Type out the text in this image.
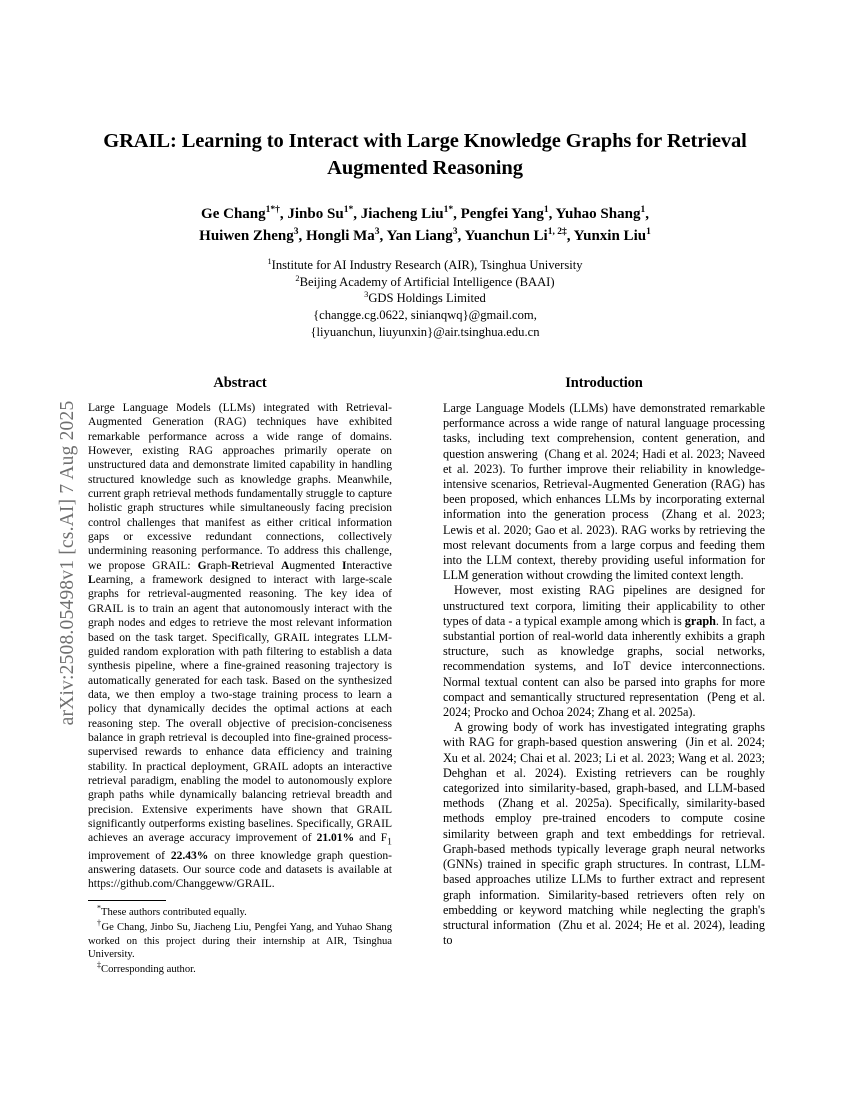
arXiv:2508.05498v1 [cs.AI] 7 Aug 2025
GRAIL: Learning to Interact with Large Knowledge Graphs for Retrieval Augmented Reasoning
Ge Chang$^{1*\dagger}$, Jinbo $Su^{1*}$, Jiacheng Liu$^{1*}$, Pengfei Yang$^1$, Yuhao Shang$^1$,
Huiwen Zheng$^3$, Hongli Ma$^3$, Yan Liang$^3$, Yuanchun $Li^{1, 2\ddagger}$, Yunxin Liu$^1$
$^1$Institute for AI Industry Research (AIR), Tsinghua University
$^2$Beijing Academy of Artificial Intelligence (BAAI)
$^3$GDS Holdings Limited
{changge.cg.0622, sinianqwq}@gmail.com,
{liyuanchun, liuyunxin}@air.tsinghua.edu.cn
Abstract

Large Language Models (LLMs) integrated with Retrieval-Augmented Generation (RAG) techniques have exhibited remarkable performance across a wide range of domains. However, existing RAG approaches primarily operate on unstructured data and demonstrate limited capability in handling structured knowledge such as knowledge graphs. Meanwhile, current graph retrieval methods fundamentally struggle to capture holistic graph structures while simultaneously facing precision control challenges that manifest as either critical information gaps or excessive redundant connections, collectively undermining reasoning performance. To address this challenge, we propose GRAIL: Graph-Retrieval Augmented Interactive Learning, a framework designed to interact with large-scale graphs for retrieval-augmented reasoning. The key idea of GRAIL is to train an agent that autonomously interact with the graph nodes and edges to retrieve the most relevant information based on the task target. Specifically, GRAIL integrates LLM-guided random exploration with path filtering to establish a data synthesis pipeline, where a fine-grained reasoning trajectory is automatically generated for each task. Based on the synthesized data, we then employ a two-stage training process to learn a policy that dynamically decides the optimal actions at each reasoning step. The overall objective of precision-conciseness balance in graph retrieval is decoupled into fine-grained process-supervised rewards to enhance data efficiency and training stability. In practical deployment, GRAIL adopts an interactive retrieval paradigm, enabling the model to autonomously explore graph paths while dynamically balancing retrieval breadth and precision. Extensive experiments have shown that GRAIL significantly outperforms existing baselines. Specifically, GRAIL achieves an average accuracy improvement of 21.01% and $F_1$ improvement of 22.43% on three knowledge graph question-answering datasets. Our source code and datasets is available at https://github.com/Changgeww/GRAIL.

Introduction

Large Language Models (LLMs) have demonstrated remarkable performance across a wide range of natural language processing tasks, including text comprehension, content generation, and question answering  (Chang et al. 2024; Hadi et al. 2023; Naveed et al. 2023). To further improve their reliability in knowledge-intensive scenarios, Retrieval-Augmented Generation (RAG) has been proposed, which enhances LLMs by incorporating external information into the generation process  (Zhang et al. 2023; Lewis et al. 2020; Gao et al. 2023). RAG works by retrieving the most relevant documents from a large corpus and feeding them into the LLM context, thereby providing useful information for LLM generation without crowding the limited context length.

However, most existing RAG pipelines are designed for unstructured text corpora, limiting their applicability to other types of data - a typical example among which is graph. In fact, a substantial portion of real-world data inherently exhibits a graph structure, such as knowledge graphs, social networks, recommendation systems, and IoT device interconnections. Normal textual content can also be parsed into graphs for more compact and semantically structured representation  (Peng et al. 2024; Procko and Ochoa 2024; Zhang et al. 2025a).

A growing body of work has investigated integrating graphs with RAG for graph-based question answering  (Jin et al. 2024; Xu et al. 2024; Chai et al. 2023; Li et al. 2023; Wang et al. 2023; Dehghan et al. 2024). Existing retrievers can be roughly categorized into similarity-based, graph-based, and LLM-based methods  (Zhang et al. 2025a). Specifically, similarity-based methods employ pre-trained encoders to compute cosine similarity between graph and text embeddings for retrieval. Graph-based methods typically leverage graph neural networks (GNNs) trained in specific graph structures. In contrast, LLM-based approaches utilize LLMs to further extract and represent graph information. Similarity-based retrievers often rely on embedding or keyword matching while neglecting the graph's structural information  (Zhu et al. 2024; He et al. 2024), leading to

*These authors contributed equally.

†Ge Chang, Jinbo Su, Jiacheng Liu, Pengfei Yang, and Yuhao Shang worked on this project during their internship at AIR, Tsinghua University.

‡Corresponding author.
